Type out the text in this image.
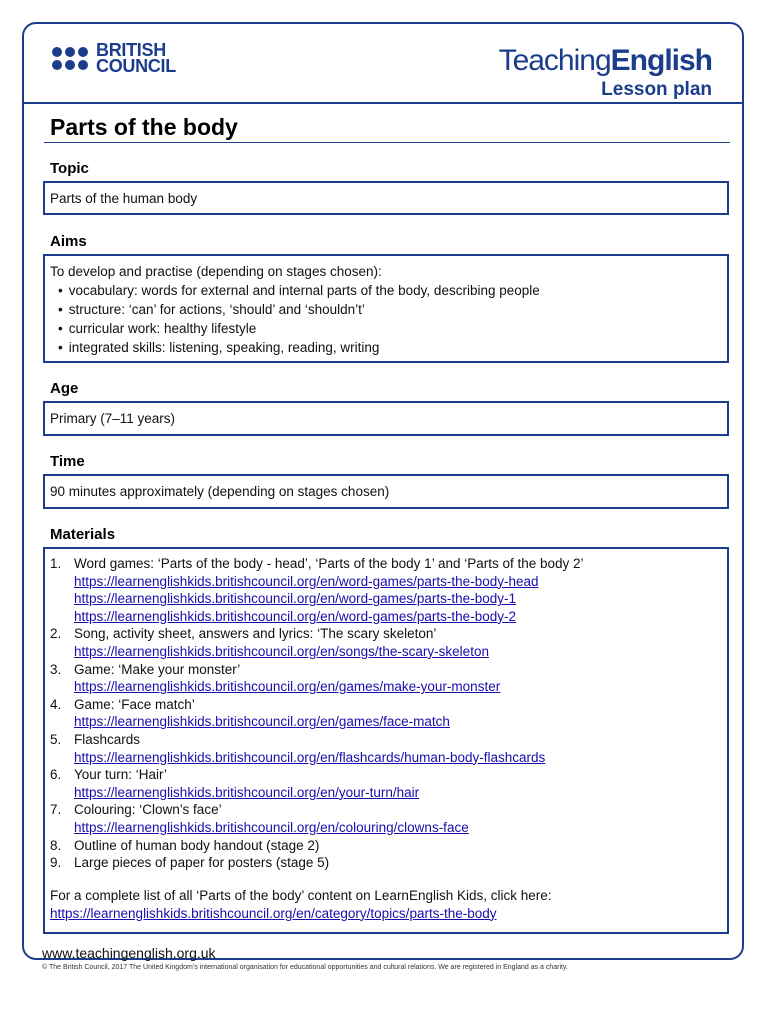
BRITISH
COUNCIL	TeachingEnglish
Lesson plan
Parts of the body
Topic

Parts of the human body

Aims

To develop and practise (depending on stages chosen):

• vocabulary: words for external and internal parts of the body, describing people
• structure: ‘can’ for actions, ‘should’ and ‘shouldn’t’
• curricular work: healthy lifestyle
• integrated skills: listening, speaking, reading, writing
Age

Primary (7–11 years)

Time

90 minutes approximately (depending on stages chosen)

Materials
1. Word games: ‘Parts of the body - head’, ‘Parts of the body 1’ and ‘Parts of the body 2’
https://learnenglishkids.britishcouncil.org/en/word-games/parts-the-body-head
https://learnenglishkids.britishcouncil.org/en/word-games/parts-the-body-1
https://learnenglishkids.britishcouncil.org/en/word-games/parts-the-body-2
2. Song, activity sheet, answers and lyrics: ‘The scary skeleton’
https://learnenglishkids.britishcouncil.org/en/songs/the-scary-skeleton
3. Game: ‘Make your monster’
https://learnenglishkids.britishcouncil.org/en/games/make-your-monster
4. Game: ‘Face match’
https://learnenglishkids.britishcouncil.org/en/games/face-match
5. Flashcards
https://learnenglishkids.britishcouncil.org/en/flashcards/human-body-flashcards
6. Your turn: ‘Hair’
https://learnenglishkids.britishcouncil.org/en/your-turn/hair
7. Colouring: ‘Clown’s face’
https://learnenglishkids.britishcouncil.org/en/colouring/clowns-face
8. Outline of human body handout (stage 2)
9. Large pieces of paper for posters (stage 5)
For a complete list of all ‘Parts of the body’ content on LearnEnglish Kids, click here:
https://learnenglishkids.britishcouncil.org/en/category/topics/parts-the-body
www.teachingenglish.org.uk
© The British Council, 2017 The United Kingdom’s international organisation for educational opportunities and cultural relations. We are registered in England as a charity.
